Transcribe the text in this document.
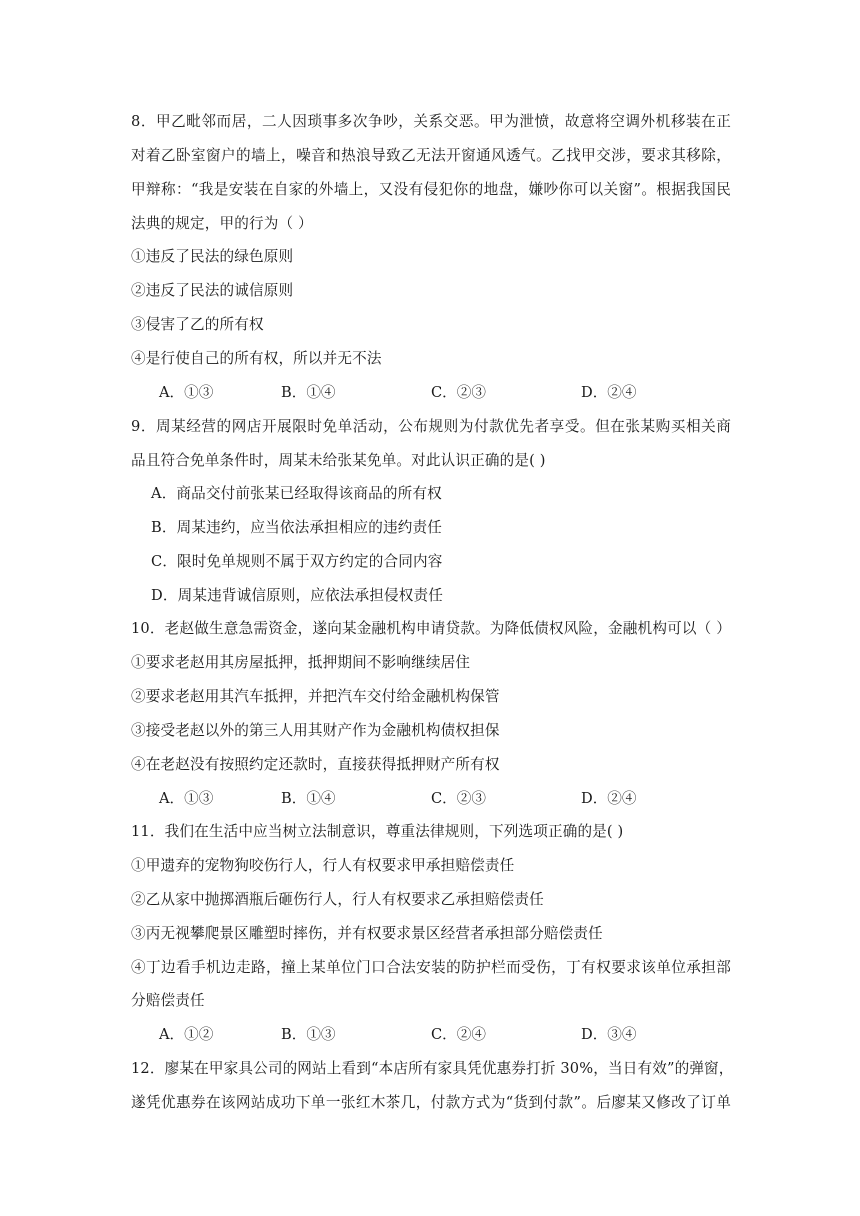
8．甲乙毗邻而居，二人因琐事多次争吵，关系交恶。甲为泄愤，故意将空调外机移装在正
对着乙卧室窗户的墙上，噪音和热浪导致乙无法开窗通风透气。乙找甲交涉，要求其移除，
甲辩称：“我是安装在自家的外墙上，又没有侵犯你的地盘，嫌吵你可以关窗”。根据我国民
法典的规定，甲的行为（ ）
①违反了民法的绿色原则
②违反了民法的诚信原则
③侵害了乙的所有权
④是行使自己的所有权，所以并无不法
A．①③	B．①④	C．②③	D．②④
9．周某经营的网店开展限时免单活动，公布规则为付款优先者享受。但在张某购买相关商
品且符合免单条件时，周某未给张某免单。对此认识正确的是( )
A．商品交付前张某已经取得该商品的所有权
B．周某违约，应当依法承担相应的违约责任
C．限时免单规则不属于双方约定的合同内容
D．周某违背诚信原则，应依法承担侵权责任
10．老赵做生意急需资金，遂向某金融机构申请贷款。为降低债权风险，金融机构可以（ ）
①要求老赵用其房屋抵押，抵押期间不影响继续居住
②要求老赵用其汽车抵押，并把汽车交付给金融机构保管
③接受老赵以外的第三人用其财产作为金融机构债权担保
④在老赵没有按照约定还款时，直接获得抵押财产所有权
A．①③	B．①④	C．②③	D．②④
11．我们在生活中应当树立法制意识，尊重法律规则，下列选项正确的是( )
①甲遗弃的宠物狗咬伤行人，行人有权要求甲承担赔偿责任
②乙从家中抛掷酒瓶后砸伤行人，行人有权要求乙承担赔偿责任
③丙无视攀爬景区雕塑时摔伤，并有权要求景区经营者承担部分赔偿责任
④丁边看手机边走路，撞上某单位门口合法安装的防护栏而受伤，丁有权要求该单位承担部
分赔偿责任
A．①②	B．①③	C．②④	D．③④
12．廖某在甲家具公司的网站上看到“本店所有家具凭优惠券打折 30%，当日有效”的弹窗，
遂凭优惠券在该网站成功下单一张红木茶几，付款方式为“货到付款”。后廖某又修改了订单
